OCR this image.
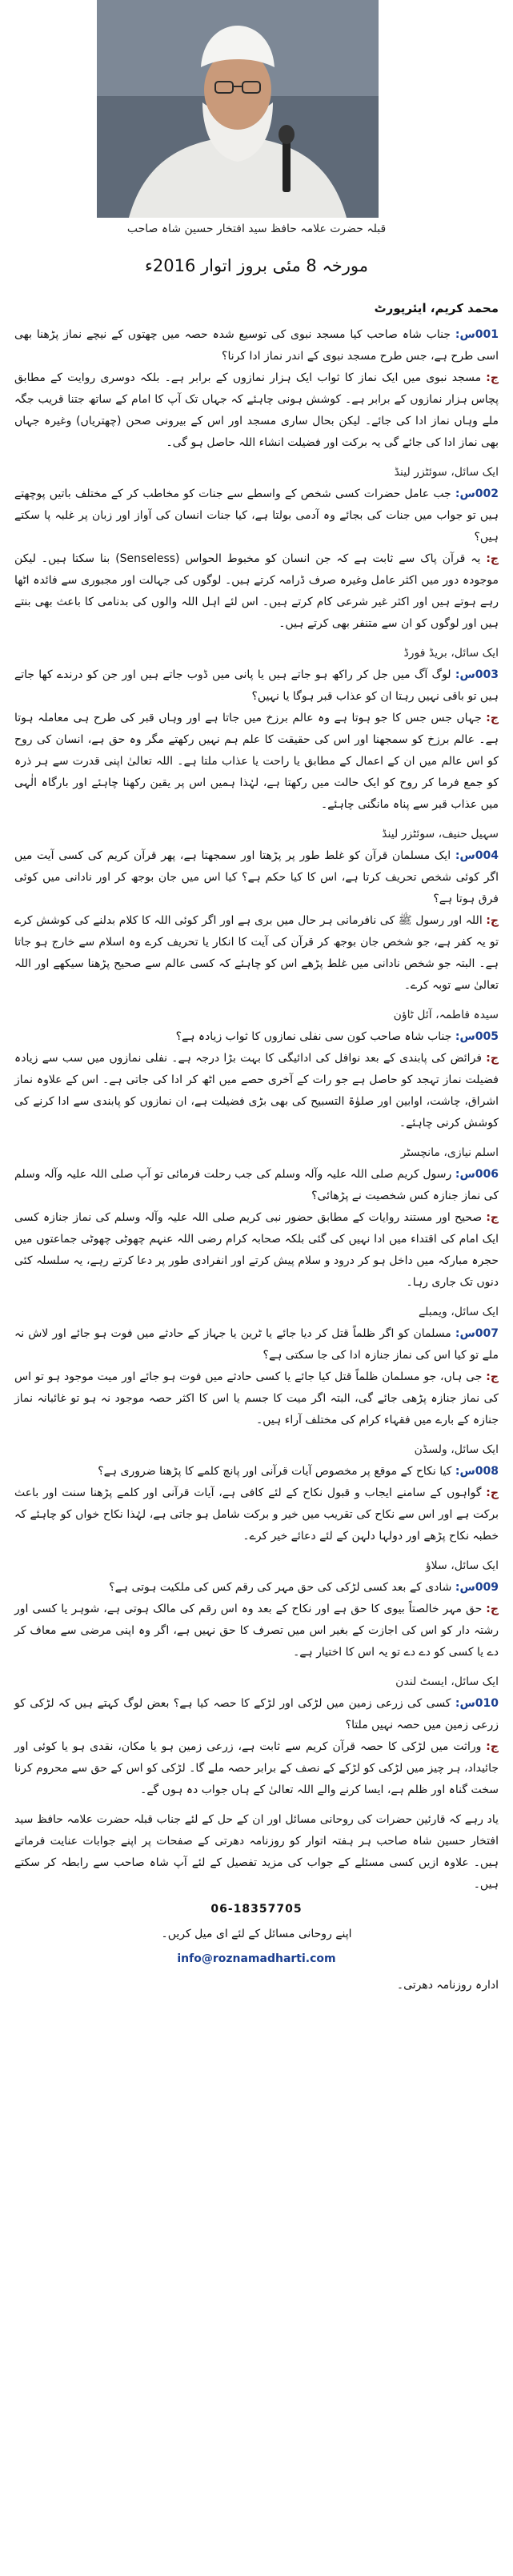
قبلہ حضرت علامہ حافظ سید افتخار حسین شاہ صاحب
مورخہ 8 مئی بروز اتوار 2016ء

محمد کریم، ایئرپورٹ

001س: جناب شاہ صاحب کیا مسجد نبوی کی توسیع شدہ حصہ میں چھتوں کے نیچے نماز پڑھنا بھی اسی طرح ہے، جس طرح مسجد نبوی کے اندر نماز ادا کرنا؟

ج: مسجد نبوی میں ایک نماز کا ثواب ایک ہزار نمازوں کے برابر ہے۔ بلکہ دوسری روایت کے مطابق پچاس ہزار نمازوں کے برابر ہے۔ کوشش ہونی چاہئے کہ جہاں تک آپ کا امام کے ساتھ جتنا قریب جگہ ملے وہاں نماز ادا کی جائے۔ لیکن بحال ساری مسجد اور اس کے بیرونی صحن (چھتریاں) وغیرہ جہاں بھی نماز ادا کی جائے گی یہ برکت اور فضیلت انشاء اللہ حاصل ہو گی۔

ایک سائل، سوئٹزر لینڈ

002س: جب عامل حضرات کسی شخص کے واسطے سے جنات کو مخاطب کر کے مختلف باتیں پوچھتے ہیں تو جواب میں جنات کی بجائے وہ آدمی بولتا ہے، کیا جنات انسان کی آواز اور زبان پر غلبہ پا سکتے ہیں؟

ج: یہ قرآن پاک سے ثابت ہے کہ جن انسان کو مخبوط الحواس (Senseless) بنا سکتا ہیں۔ لیکن موجودہ دور میں اکثر عامل وغیرہ صرف ڈرامہ کرتے ہیں۔ لوگوں کی جہالت اور مجبوری سے فائدہ اٹھا رہے ہوتے ہیں اور اکثر غیر شرعی کام کرتے ہیں۔ اس لئے اہل اللہ والوں کی بدنامی کا باعث بھی بنتے ہیں اور لوگوں کو ان سے متنفر بھی کرتے ہیں۔

ایک سائل، بریڈ فورڈ

003س: لوگ آگ میں جل کر راکھ ہو جاتے ہیں یا پانی میں ڈوب جاتے ہیں اور جن کو درندے کھا جاتے ہیں تو باقی نہیں رہتا ان کو عذاب قبر ہوگا یا نہیں؟

ج: جہاں جس جس کا جو ہوتا ہے وہ عالم برزخ میں جاتا ہے اور وہاں قبر کی طرح ہی معاملہ ہوتا ہے۔ عالم برزخ کو سمجھنا اور اس کی حقیقت کا علم ہم نہیں رکھتے مگر وہ حق ہے، انسان کی روح کو اس عالم میں ان کے اعمال کے مطابق یا راحت یا عذاب ملتا ہے۔ اللہ تعالیٰ اپنی قدرت سے ہر ذرہ کو جمع فرما کر روح کو ایک حالت میں رکھتا ہے، لہٰذا ہمیں اس پر یقین رکھنا چاہئے اور بارگاہ الٰہی میں عذاب قبر سے پناہ مانگنی چاہئے۔

سہیل حنیف، سوئٹزر لینڈ

004س: ایک مسلمان قرآن کو غلط طور پر پڑھتا اور سمجھتا ہے، پھر قرآن کریم کی کسی آیت میں اگر کوئی شخص تحریف کرتا ہے، اس کا کیا حکم ہے؟ کیا اس میں جان بوجھ کر اور نادانی میں کوئی فرق ہوتا ہے؟

ج: اللہ اور رسول ﷺ کی نافرمانی ہر حال میں بری ہے اور اگر کوئی اللہ کا کلام بدلنے کی کوشش کرے تو یہ کفر ہے، جو شخص جان بوجھ کر قرآن کی آیت کا انکار یا تحریف کرے وہ اسلام سے خارج ہو جاتا ہے۔ البتہ جو شخص نادانی میں غلط پڑھے اس کو چاہئے کہ کسی عالم سے صحیح پڑھنا سیکھے اور اللہ تعالیٰ سے توبہ کرے۔

سیدہ فاطمہ، آئل ٹاؤن

005س: جناب شاہ صاحب کون سی نفلی نمازوں کا ثواب زیادہ ہے؟

ج: فرائض کی پابندی کے بعد نوافل کی ادائیگی کا بہت بڑا درجہ ہے۔ نفلی نمازوں میں سب سے زیادہ فضیلت نماز تہجد کو حاصل ہے جو رات کے آخری حصے میں اٹھ کر ادا کی جاتی ہے۔ اس کے علاوہ نماز اشراق، چاشت، اوابین اور صلوٰۃ التسبیح کی بھی بڑی فضیلت ہے، ان نمازوں کو پابندی سے ادا کرنے کی کوشش کرنی چاہئے۔

اسلم نیازی، مانچسٹر

006س: رسول کریم صلی اللہ علیہ وآلہ وسلم کی جب رحلت فرمائی تو آپ صلی اللہ علیہ وآلہ وسلم کی نماز جنازہ کس شخصیت نے پڑھائی؟

ج: صحیح اور مستند روایات کے مطابق حضور نبی کریم صلی اللہ علیہ وآلہ وسلم کی نماز جنازہ کسی ایک امام کی اقتداء میں ادا نہیں کی گئی بلکہ صحابہ کرام رضی اللہ عنہم چھوٹی چھوٹی جماعتوں میں حجرہ مبارکہ میں داخل ہو کر درود و سلام پیش کرتے اور انفرادی طور پر دعا کرتے رہے، یہ سلسلہ کئی دنوں تک جاری رہا۔

ایک سائل، ویمبلے

007س: مسلمان کو اگر ظلماً قتل کر دیا جائے یا ٹرین یا جہاز کے حادثے میں فوت ہو جائے اور لاش نہ ملے تو کیا اس کی نماز جنازہ ادا کی جا سکتی ہے؟

ج: جی ہاں، جو مسلمان ظلماً قتل کیا جائے یا کسی حادثے میں فوت ہو جائے اور میت موجود ہو تو اس کی نماز جنازہ پڑھی جائے گی، البتہ اگر میت کا جسم یا اس کا اکثر حصہ موجود نہ ہو تو غائبانہ نماز جنازہ کے بارے میں فقہاء کرام کی مختلف آراء ہیں۔

ایک سائل، ولسڈن

008س: کیا نکاح کے موقع پر مخصوص آیات قرآنی اور پانچ کلمے کا پڑھنا ضروری ہے؟

ج: گواہوں کے سامنے ایجاب و قبول نکاح کے لئے کافی ہے، آیات قرآنی اور کلمے پڑھنا سنت اور باعث برکت ہے اور اس سے نکاح کی تقریب میں خیر و برکت شامل ہو جاتی ہے، لہٰذا نکاح خواں کو چاہئے کہ خطبہ نکاح پڑھے اور دولہا دلہن کے لئے دعائے خیر کرے۔

ایک سائل، سلاؤ

009س: شادی کے بعد کسی لڑکی کی حق مہر کی رقم کس کی ملکیت ہوتی ہے؟

ج: حق مہر خالصتاً بیوی کا حق ہے اور نکاح کے بعد وہ اس رقم کی مالک ہوتی ہے، شوہر یا کسی اور رشتہ دار کو اس کی اجازت کے بغیر اس میں تصرف کا حق نہیں ہے، اگر وہ اپنی مرضی سے معاف کر دے یا کسی کو دے دے تو یہ اس کا اختیار ہے۔

ایک سائل، ایسٹ لندن

010س: کسی کی زرعی زمین میں لڑکی اور لڑکے کا حصہ کیا ہے؟ بعض لوگ کہتے ہیں کہ لڑکی کو زرعی زمین میں حصہ نہیں ملتا؟

ج: وراثت میں لڑکی کا حصہ قرآن کریم سے ثابت ہے، زرعی زمین ہو یا مکان، نقدی ہو یا کوئی اور جائیداد، ہر چیز میں لڑکی کو لڑکے کے نصف کے برابر حصہ ملے گا۔ لڑکی کو اس کے حق سے محروم کرنا سخت گناہ اور ظلم ہے، ایسا کرنے والے اللہ تعالیٰ کے ہاں جواب دہ ہوں گے۔

یاد رہے کہ قارئین حضرات کی روحانی مسائل اور ان کے حل کے لئے جناب قبلہ حضرت علامہ حافظ سید افتخار حسین شاہ صاحب ہر ہفتہ اتوار کو روزنامہ دھرتی کے صفحات پر اپنے جوابات عنایت فرماتے ہیں۔ علاوہ ازیں کسی مسئلے کے جواب کی مزید تفصیل کے لئے آپ شاہ صاحب سے رابطہ کر سکتے ہیں۔

06-18357705

اپنے روحانی مسائل کے لئے ای میل کریں۔

info@roznamadharti.com

ادارہ روزنامہ دھرتی۔
